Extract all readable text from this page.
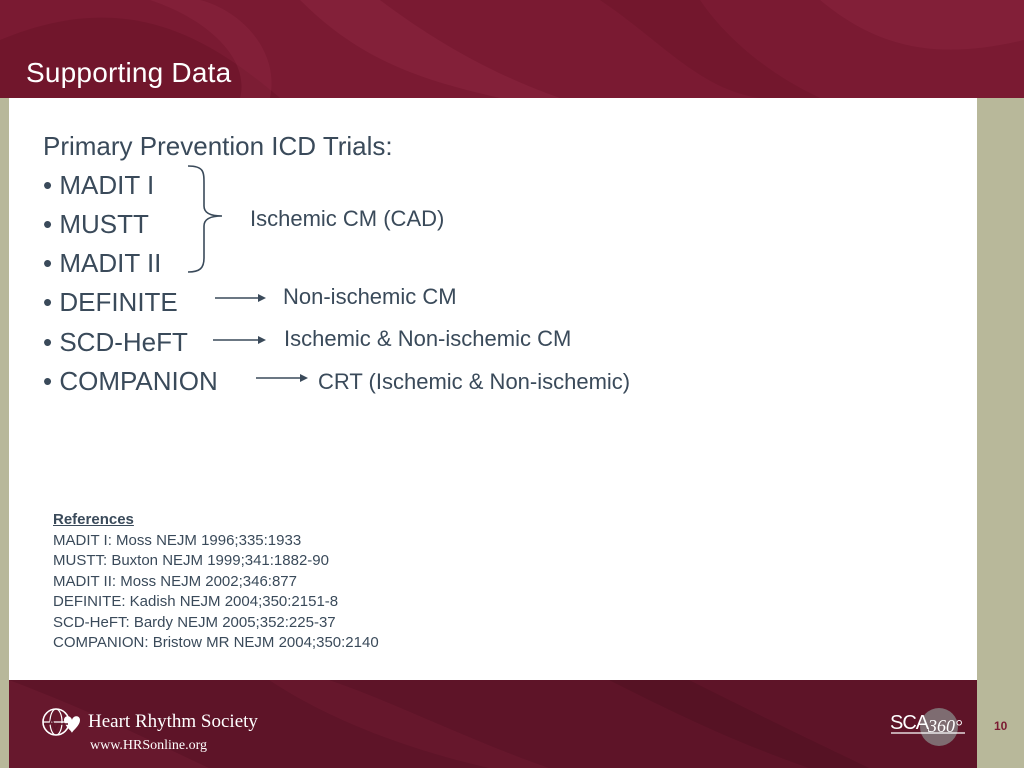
Supporting Data
Primary Prevention ICD Trials:
• MADIT I
• MUSTT
• MADIT II
• DEFINITE
• SCD-HeFT
• COMPANION
Ischemic CM (CAD)
Non-ischemic CM
Ischemic & Non-ischemic CM
CRT (Ischemic & Non-ischemic)
References
MADIT I: Moss NEJM 1996;335:1933
MUSTT: Buxton NEJM 1999;341:1882-90
MADIT II: Moss NEJM 2002;346:877
DEFINITE: Kadish NEJM 2004;350:2151-8
SCD-HeFT: Bardy NEJM 2005;352:225-37
COMPANION: Bristow MR NEJM 2004;350:2140
Heart Rhythm Society
www.HRSonline.org
SCA 360°	10
